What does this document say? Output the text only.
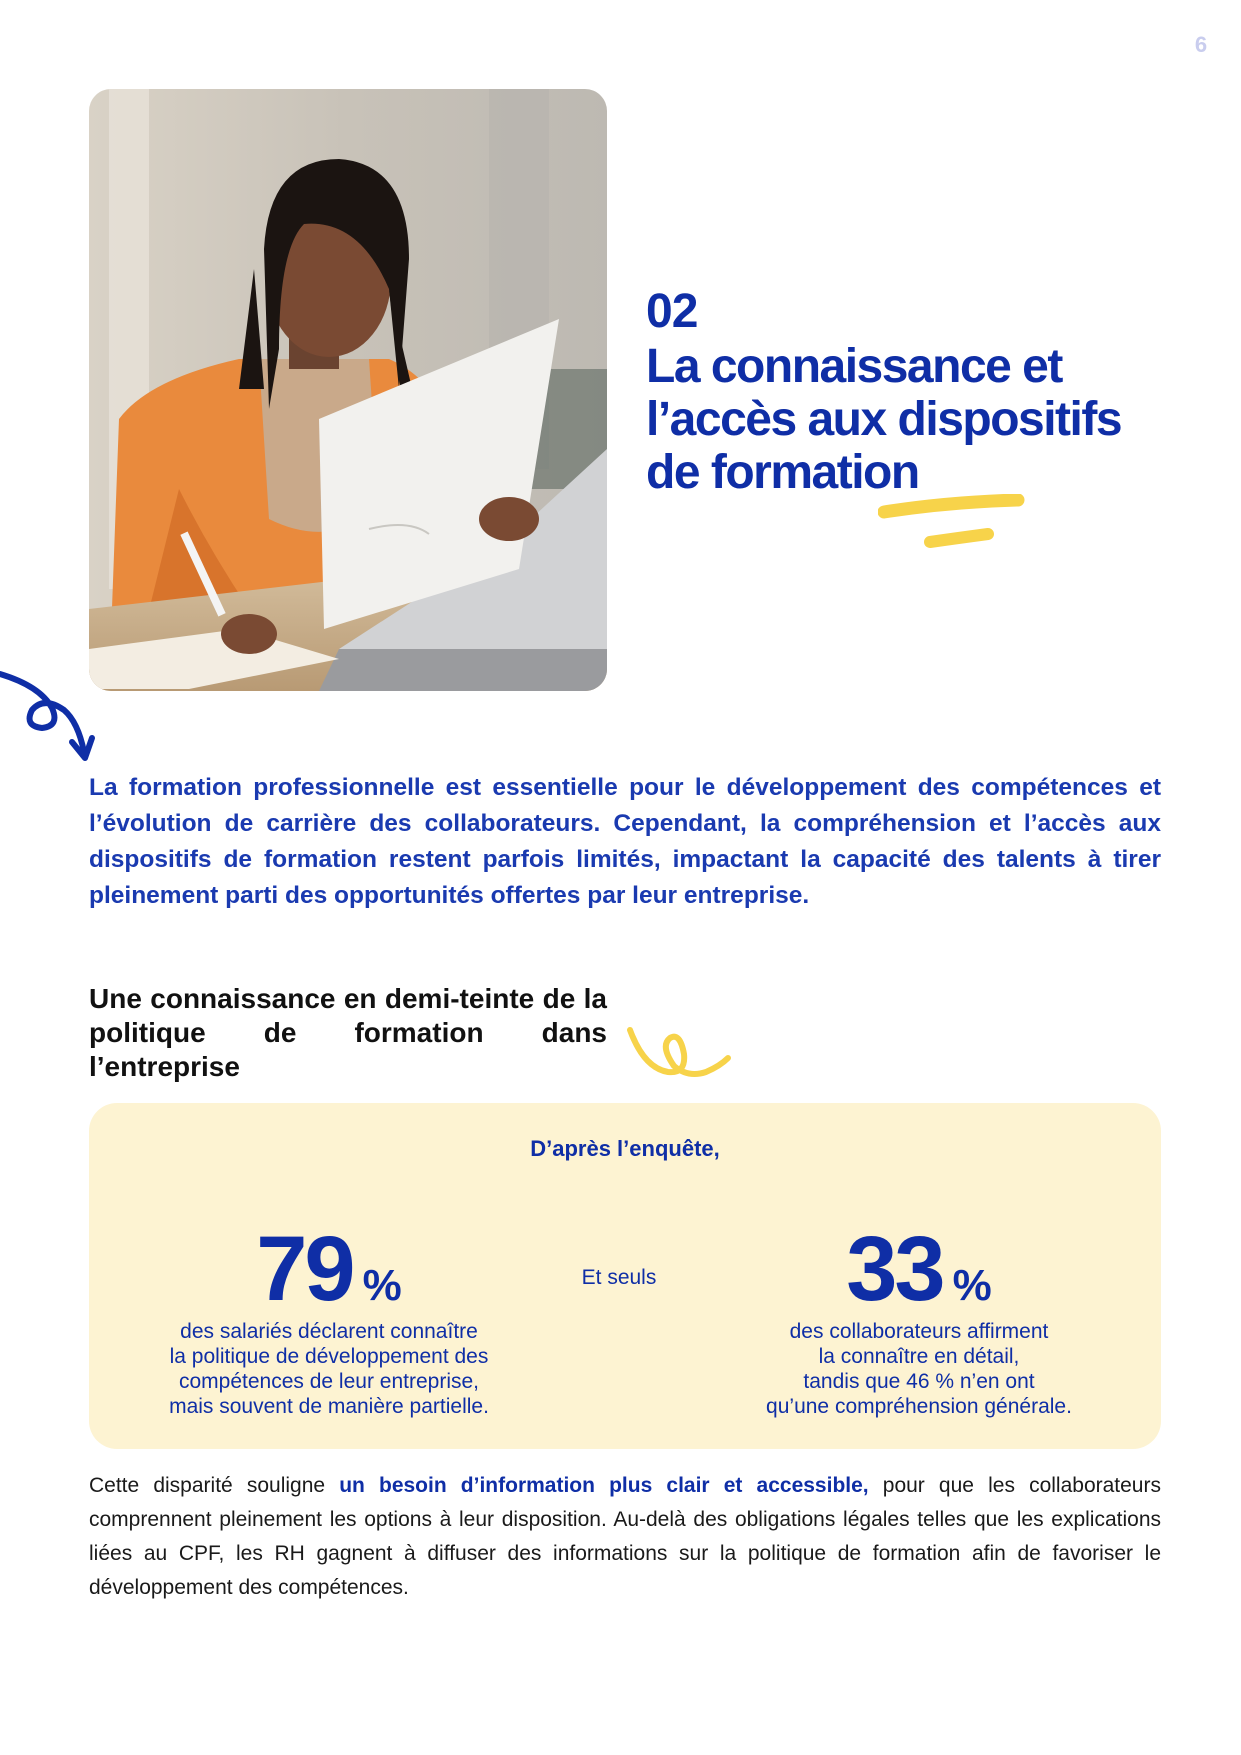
6
02
La connaissance et
l’accès aux dispositifs
de formation

La formation professionnelle est essentielle pour le développement des compétences et l’évolution de carrière des collaborateurs. Cependant, la compréhension et l’accès aux dispositifs de formation restent parfois limités, impactant la capacité des talents à tirer pleinement parti des opportunités offertes par leur entreprise.

Une connaissance en demi-teinte de la politique de formation dans l’entreprise

D’après l’enquête,
79 %
des salariés déclarent connaître
la politique de développement des
compétences de leur entreprise,
mais souvent de manière partielle.
Et seuls	33 %
des collaborateurs affirment
la connaître en détail,
tandis que 46 % n’en ont
qu’une compréhension générale.

Cette disparité souligne un besoin d’information plus clair et accessible, pour que les collaborateurs comprennent pleinement les options à leur disposition. Au-delà des obligations légales telles que les explications liées au CPF, les RH gagnent à diffuser des informations sur la politique de formation afin de favoriser le développement des compétences.
